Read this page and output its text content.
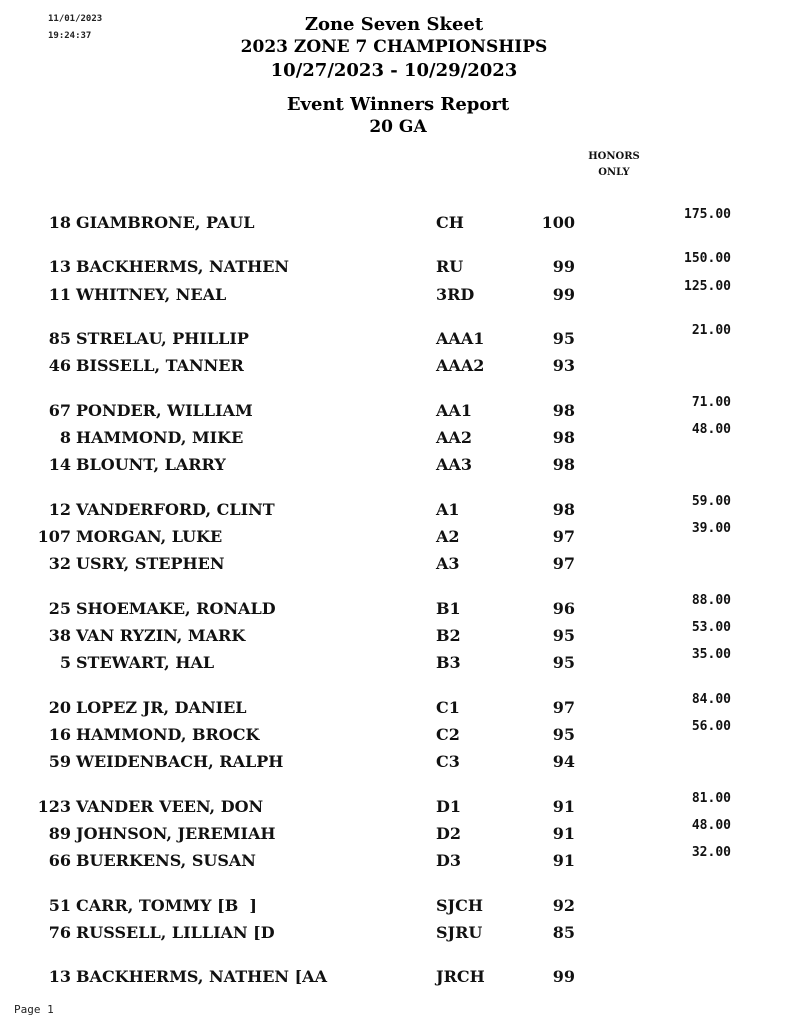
11/01/2023
19:24:37
Zone Seven Skeet
2023 ZONE 7 CHAMPIONSHIPS
10/27/2023 - 10/29/2023
Event Winners Report
20 GA
HONORS
ONLY
18 GIAMBRONE, PAUL	CH	100	175.00
13 BACKHERMS, NATHEN	RU	99	150.00
11 WHITNEY, NEAL	3RD	99	125.00
85 STRELAU, PHILLIP	AAA1	95	21.00
46 BISSELL, TANNER	AAA2	93
67 PONDER, WILLIAM	AA1	98	71.00
8 HAMMOND, MIKE	AA2	98	48.00
14 BLOUNT, LARRY	AA3	98
12 VANDERFORD, CLINT	A1	98	59.00
107 MORGAN, LUKE	A2	97	39.00
32 USRY, STEPHEN	A3	97
25 SHOEMAKE, RONALD	B1	96	88.00
38 VAN RYZIN, MARK	B2	95	53.00
5 STEWART, HAL	B3	95	35.00
20 LOPEZ JR, DANIEL	C1	97	84.00
16 HAMMOND, BROCK	C2	95	56.00
59 WEIDENBACH, RALPH	C3	94
123 VANDER VEEN, DON	D1	91	81.00
89 JOHNSON, JEREMIAH	D2	91	48.00
66 BUERKENS, SUSAN	D3	91	32.00
51 CARR, TOMMY [B  ]	SJCH	92
76 RUSSELL, LILLIAN [D	SJRU	85
13 BACKHERMS, NATHEN [AA	JRCH	99
Page 1
